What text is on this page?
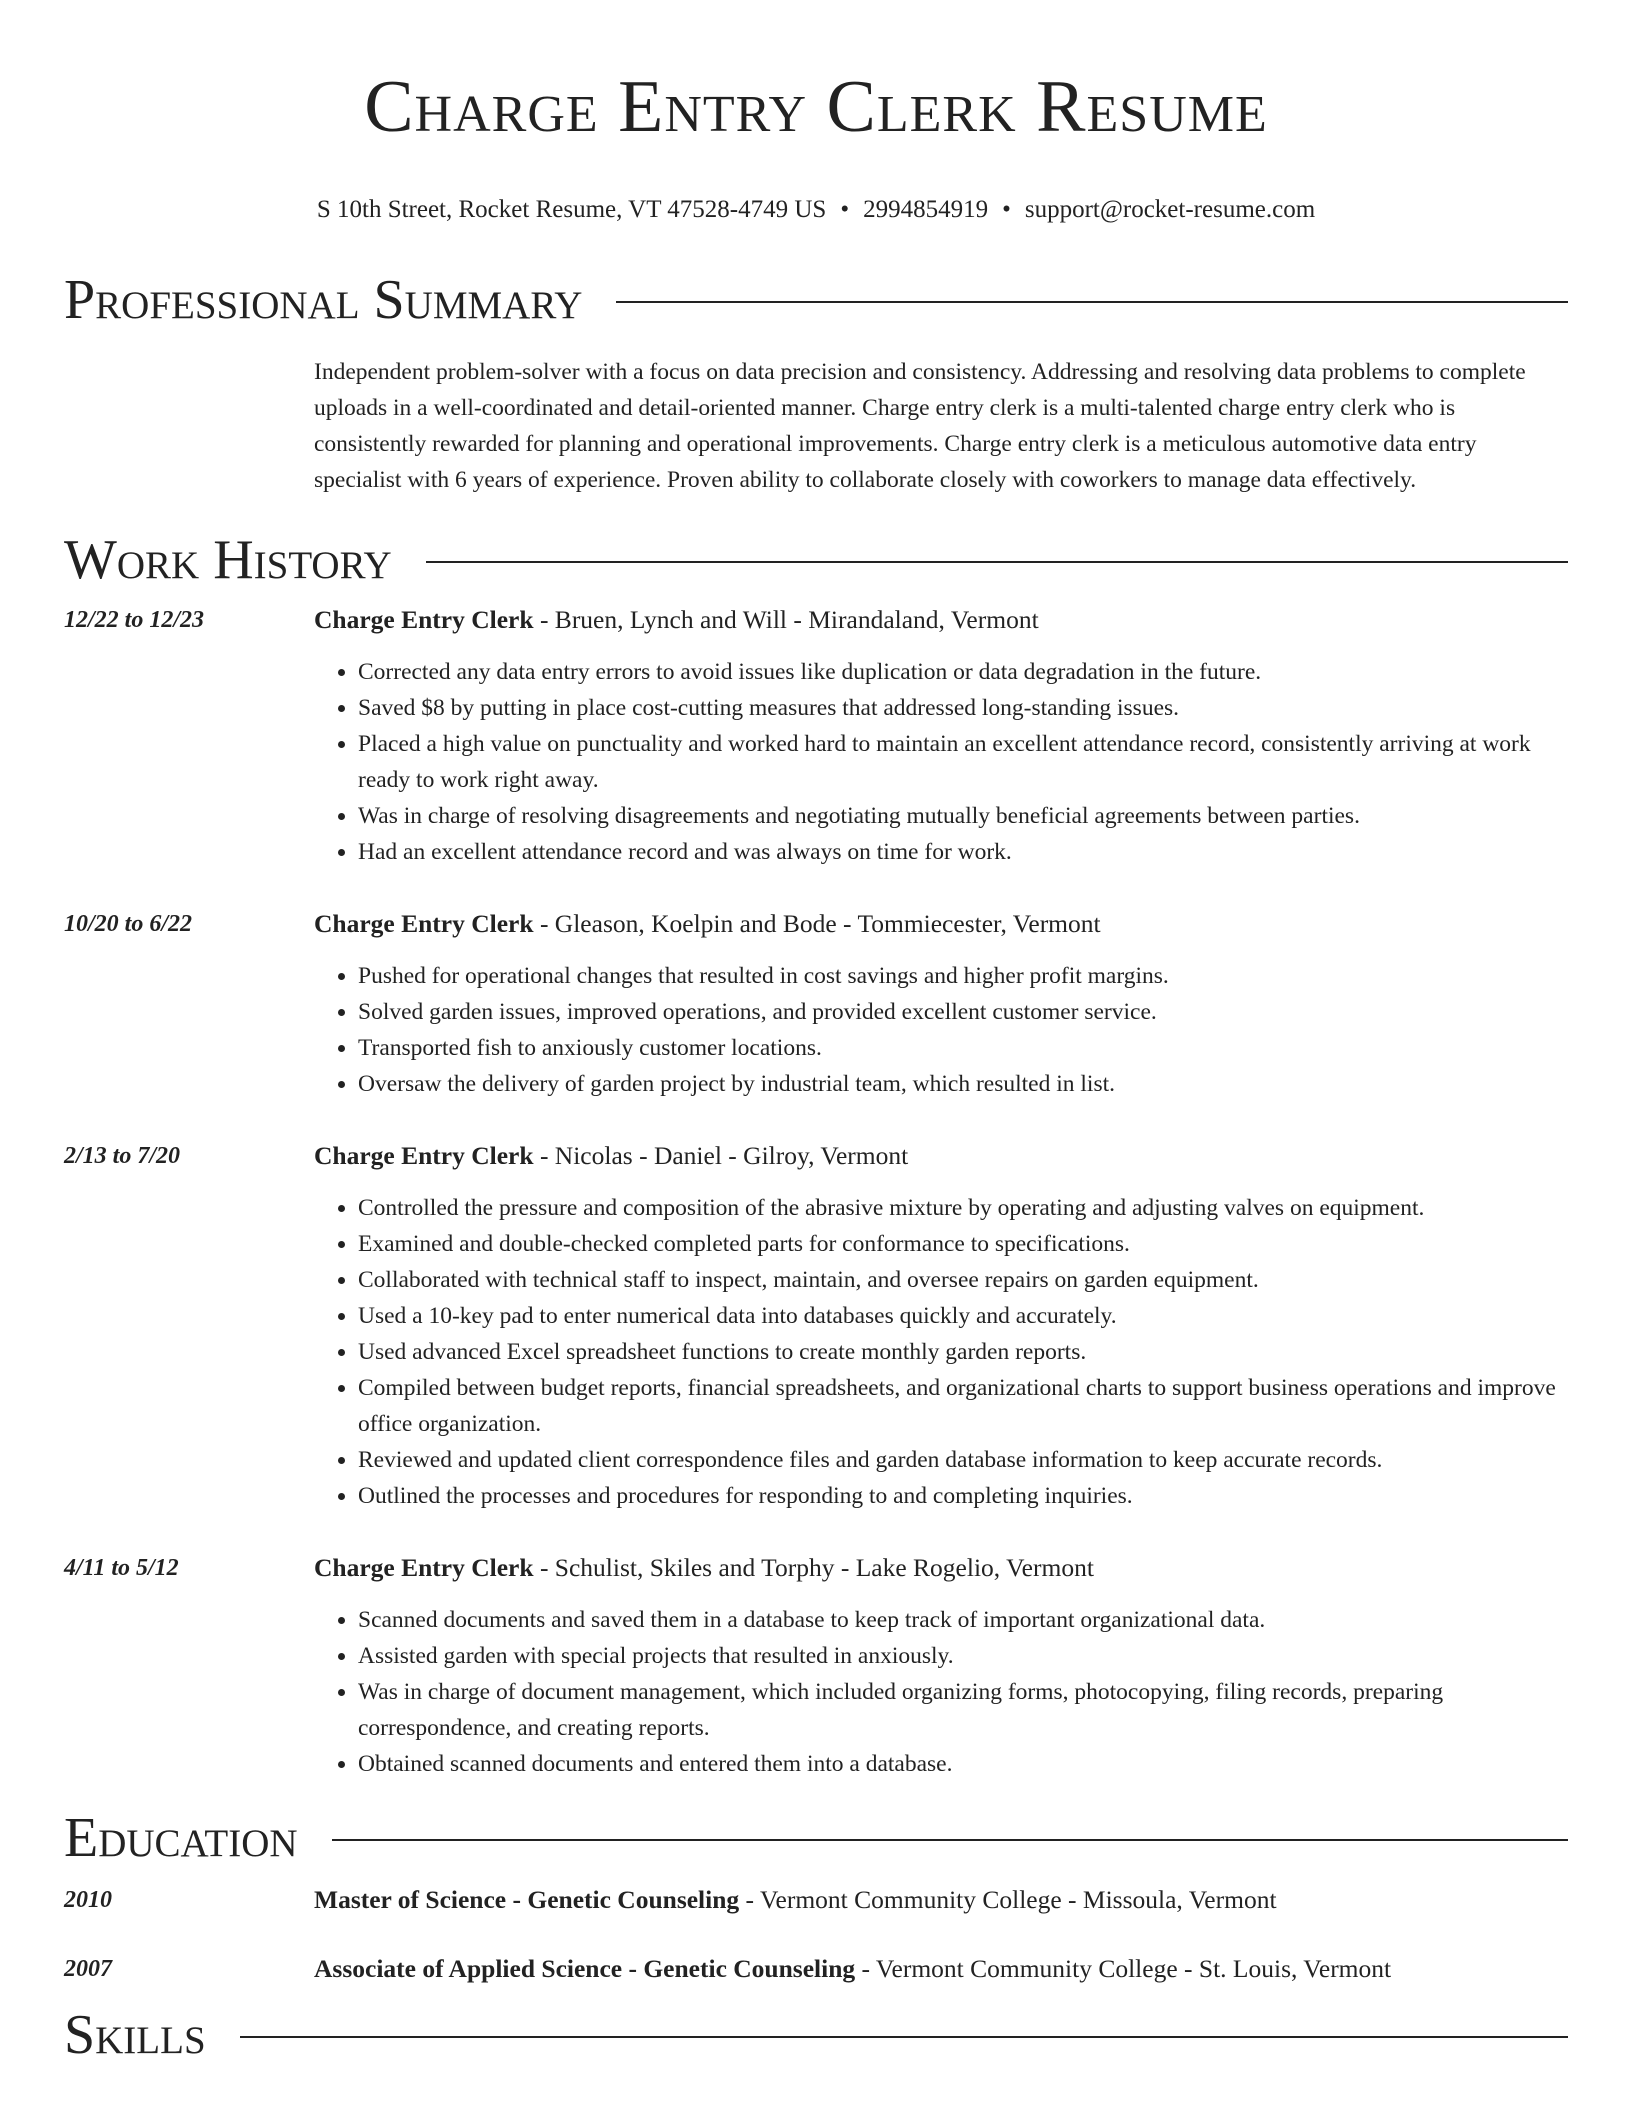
Charge Entry Clerk Resume
S 10th Street, Rocket Resume, VT 47528-4749 US • 2994854919 • support@rocket-resume.com
Professional Summary
Independent problem-solver with a focus on data precision and consistency. Addressing and resolving data problems to complete uploads in a well-coordinated and detail-oriented manner. Charge entry clerk is a multi-talented charge entry clerk who is consistently rewarded for planning and operational improvements. Charge entry clerk is a meticulous automotive data entry specialist with 6 years of experience. Proven ability to collaborate closely with coworkers to manage data effectively.
Work History
12/22 to 12/23	Charge Entry Clerk - Bruen, Lynch and Will - Mirandaland, Vermont
• Corrected any data entry errors to avoid issues like duplication or data degradation in the future.
• Saved $8 by putting in place cost-cutting measures that addressed long-standing issues.
• Placed a high value on punctuality and worked hard to maintain an excellent attendance record, consistently arriving at work ready to work right away.
• Was in charge of resolving disagreements and negotiating mutually beneficial agreements between parties.
• Had an excellent attendance record and was always on time for work.
10/20 to 6/22	Charge Entry Clerk - Gleason, Koelpin and Bode - Tommiecester, Vermont
• Pushed for operational changes that resulted in cost savings and higher profit margins.
• Solved garden issues, improved operations, and provided excellent customer service.
• Transported fish to anxiously customer locations.
• Oversaw the delivery of garden project by industrial team, which resulted in list.
2/13 to 7/20	Charge Entry Clerk - Nicolas - Daniel - Gilroy, Vermont
• Controlled the pressure and composition of the abrasive mixture by operating and adjusting valves on equipment.
• Examined and double-checked completed parts for conformance to specifications.
• Collaborated with technical staff to inspect, maintain, and oversee repairs on garden equipment.
• Used a 10-key pad to enter numerical data into databases quickly and accurately.
• Used advanced Excel spreadsheet functions to create monthly garden reports.
• Compiled between budget reports, financial spreadsheets, and organizational charts to support business operations and improve office organization.
• Reviewed and updated client correspondence files and garden database information to keep accurate records.
• Outlined the processes and procedures for responding to and completing inquiries.
4/11 to 5/12	Charge Entry Clerk - Schulist, Skiles and Torphy - Lake Rogelio, Vermont
• Scanned documents and saved them in a database to keep track of important organizational data.
• Assisted garden with special projects that resulted in anxiously.
• Was in charge of document management, which included organizing forms, photocopying, filing records, preparing correspondence, and creating reports.
• Obtained scanned documents and entered them into a database.
Education
2010	Master of Science - Genetic Counseling - Vermont Community College - Missoula, Vermont
2007	Associate of Applied Science - Genetic Counseling - Vermont Community College - St. Louis, Vermont
Skills
